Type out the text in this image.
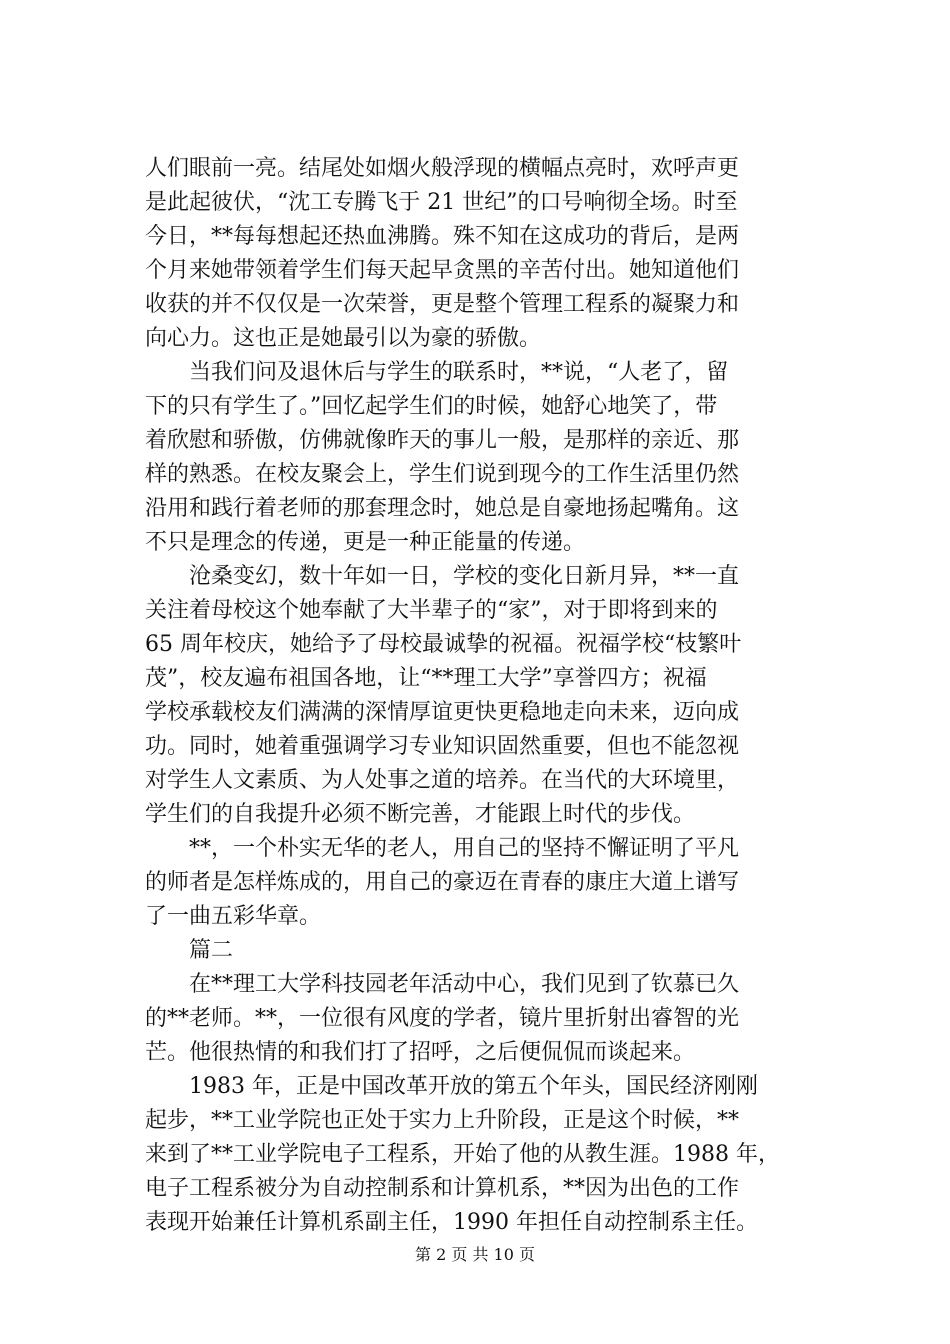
人们眼前一亮。结尾处如烟火般浮现的横幅点亮时，欢呼声更
是此起彼伏，“沈工专腾飞于 21 世纪”的口号响彻全场。时至
今日，**每每想起还热血沸腾。殊不知在这成功的背后，是两
个月来她带领着学生们每天起早贪黑的辛苦付出。她知道他们
收获的并不仅仅是一次荣誉，更是整个管理工程系的凝聚力和
向心力。这也正是她最引以为豪的骄傲。
　　当我们问及退休后与学生的联系时，**说，“人老了，留
下的只有学生了。”回忆起学生们的时候，她舒心地笑了，带
着欣慰和骄傲，仿佛就像昨天的事儿一般，是那样的亲近、那
样的熟悉。在校友聚会上，学生们说到现今的工作生活里仍然
沿用和践行着老师的那套理念时，她总是自豪地扬起嘴角。这
不只是理念的传递，更是一种正能量的传递。
　　沧桑变幻，数十年如一日，学校的变化日新月异，**一直
关注着母校这个她奉献了大半辈子的“家”，对于即将到来的
65 周年校庆，她给予了母校最诚挚的祝福。祝福学校“枝繁叶
茂”，校友遍布祖国各地，让“**理工大学”享誉四方；祝福
学校承载校友们满满的深情厚谊更快更稳地走向未来，迈向成
功。同时，她着重强调学习专业知识固然重要，但也不能忽视
对学生人文素质、为人处事之道的培养。在当代的大环境里，
学生们的自我提升必须不断完善，才能跟上时代的步伐。
　　**，一个朴实无华的老人，用自己的坚持不懈证明了平凡
的师者是怎样炼成的，用自己的豪迈在青春的康庄大道上谱写
了一曲五彩华章。
　　篇二
　　在**理工大学科技园老年活动中心，我们见到了钦慕已久
的**老师。**，一位很有风度的学者，镜片里折射出睿智的光
芒。他很热情的和我们打了招呼，之后便侃侃而谈起来。
　　1983 年，正是中国改革开放的第五个年头，国民经济刚刚
起步，**工业学院也正处于实力上升阶段，正是这个时候，**
来到了**工业学院电子工程系，开始了他的从教生涯。1988 年，
电子工程系被分为自动控制系和计算机系，**因为出色的工作
表现开始兼任计算机系副主任，1990 年担任自动控制系主任。
第 2 页 共 10 页
